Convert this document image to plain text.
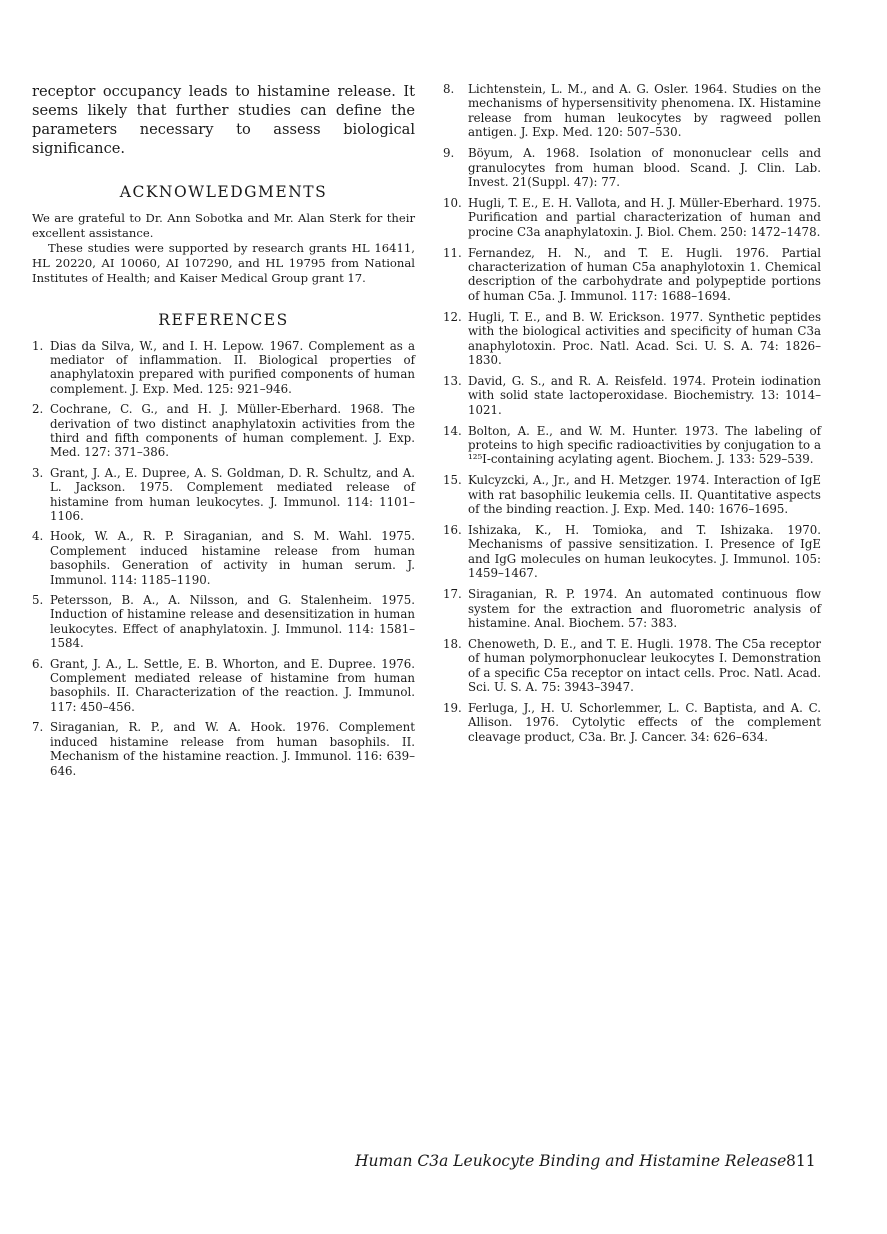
receptor occupancy leads to histamine release. It seems likely that further studies can define the parameters necessary to assess biological significance.

ACKNOWLEDGMENTS

We are grateful to Dr. Ann Sobotka and Mr. Alan Sterk for their excellent assistance.

These studies were supported by research grants HL 16411, HL 20220, AI 10060, AI 107290, and HL 19795 from National Institutes of Health; and Kaiser Medical Group grant 17.

REFERENCES
1. Dias da Silva, W., and I. H. Lepow. 1967. Complement as a mediator of inflammation. II. Biological properties of anaphylatoxin prepared with purified components of human complement. J. Exp. Med. 125: 921–946.
2. Cochrane, C. G., and H. J. Müller-Eberhard. 1968. The derivation of two distinct anaphylatoxin activities from the third and fifth components of human complement. J. Exp. Med. 127: 371–386.
3. Grant, J. A., E. Dupree, A. S. Goldman, D. R. Schultz, and A. L. Jackson. 1975. Complement mediated release of histamine from human leukocytes. J. Immunol. 114: 1101–1106.
4. Hook, W. A., R. P. Siraganian, and S. M. Wahl. 1975. Complement induced histamine release from human basophils. Generation of activity in human serum. J. Immunol. 114: 1185–1190.
5. Petersson, B. A., A. Nilsson, and G. Stalenheim. 1975. Induction of histamine release and desensitization in human leukocytes. Effect of anaphylatoxin. J. Immunol. 114: 1581–1584.
6. Grant, J. A., L. Settle, E. B. Whorton, and E. Dupree. 1976. Complement mediated release of histamine from human basophils. II. Characterization of the reaction. J. Immunol. 117: 450–456.
7. Siraganian, R. P., and W. A. Hook. 1976. Complement induced histamine release from human basophils. II. Mechanism of the histamine reaction. J. Immunol. 116: 639–646.
8. Lichtenstein, L. M., and A. G. Osler. 1964. Studies on the mechanisms of hypersensitivity phenomena. IX. Histamine release from human leukocytes by ragweed pollen antigen. J. Exp. Med. 120: 507–530.
9. Böyum, A. 1968. Isolation of mononuclear cells and granulocytes from human blood. Scand. J. Clin. Lab. Invest. 21(Suppl. 47): 77.
10. Hugli, T. E., E. H. Vallota, and H. J. Müller-Eberhard. 1975. Purification and partial characterization of human and procine C3a anaphylatoxin. J. Biol. Chem. 250: 1472–1478.
11. Fernandez, H. N., and T. E. Hugli. 1976. Partial characterization of human C5a anaphylotoxin 1. Chemical description of the carbohydrate and polypeptide portions of human C5a. J. Immunol. 117: 1688–1694.
12. Hugli, T. E., and B. W. Erickson. 1977. Synthetic peptides with the biological activities and specificity of human C3a anaphylotoxin. Proc. Natl. Acad. Sci. U. S. A. 74: 1826–1830.
13. David, G. S., and R. A. Reisfeld. 1974. Protein iodination with solid state lactoperoxidase. Biochemistry. 13: 1014–1021.
14. Bolton, A. E., and W. M. Hunter. 1973. The labeling of proteins to high specific radioactivities by conjugation to a ¹²⁵I-containing acylating agent. Biochem. J. 133: 529–539.
15. Kulcyzcki, A., Jr., and H. Metzger. 1974. Interaction of IgE with rat basophilic leukemia cells. II. Quantitative aspects of the binding reaction. J. Exp. Med. 140: 1676–1695.
16. Ishizaka, K., H. Tomioka, and T. Ishizaka. 1970. Mechanisms of passive sensitization. I. Presence of IgE and IgG molecules on human leukocytes. J. Immunol. 105: 1459–1467.
17. Siraganian, R. P. 1974. An automated continuous flow system for the extraction and fluorometric analysis of histamine. Anal. Biochem. 57: 383.
18. Chenoweth, D. E., and T. E. Hugli. 1978. The C5a receptor of human polymorphonuclear leukocytes I. Demonstration of a specific C5a receptor on intact cells. Proc. Natl. Acad. Sci. U. S. A. 75: 3943–3947.
19. Ferluga, J., H. U. Schorlemmer, L. C. Baptista, and A. C. Allison. 1976. Cytolytic effects of the complement cleavage product, C3a. Br. J. Cancer. 34: 626–634.
Human C3a Leukocyte Binding and Histamine Release 811
